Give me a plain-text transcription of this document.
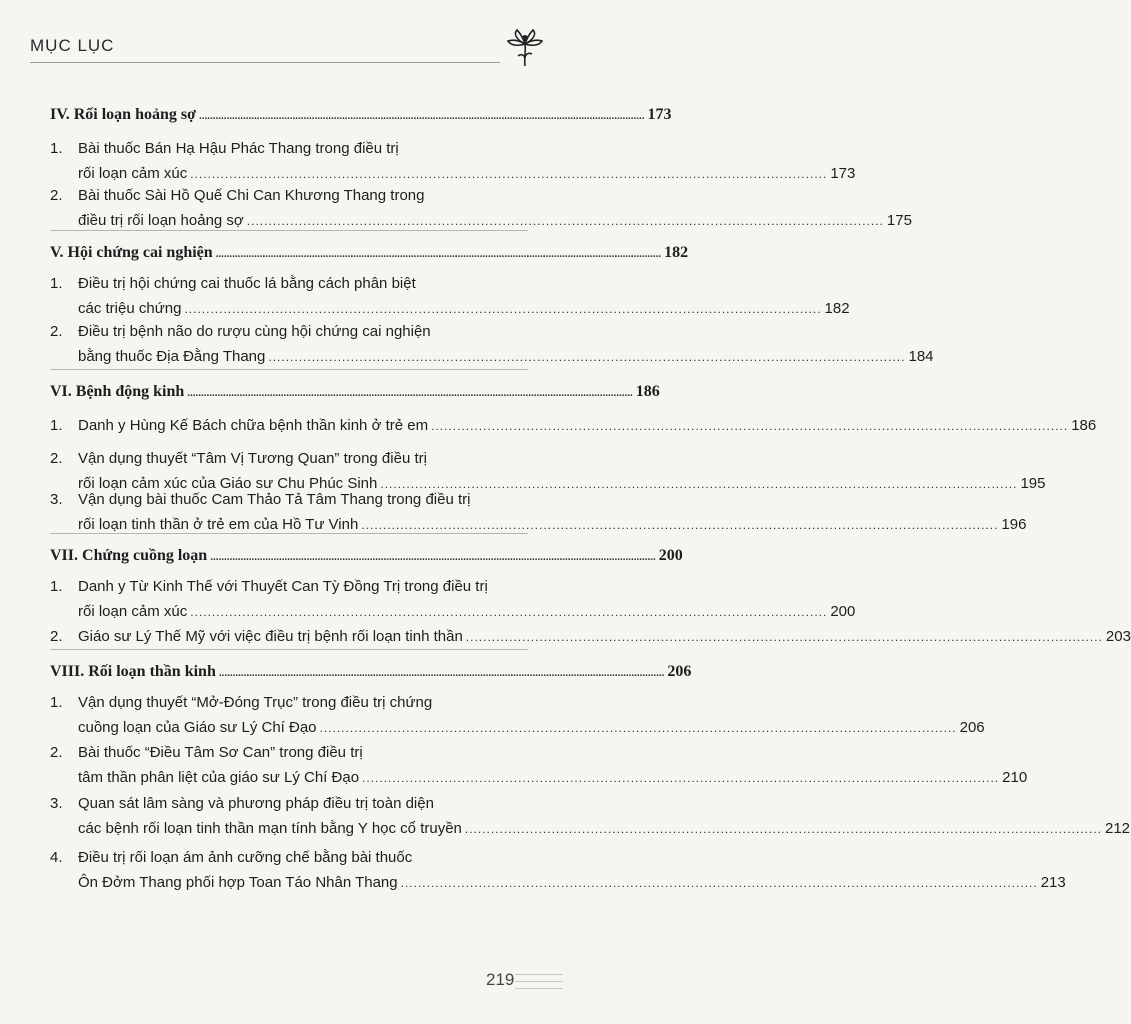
MỤC LỤC
IV. Rối loạn hoảng sợ .................................................................................................................................................................. 173
1. Bài thuốc Bán Hạ Hậu Phác Thang trong điều trị
rối loạn cảm xúc ................................................................................................................................................... 173
2. Bài thuốc Sài Hồ Quế Chi Can Khương Thang trong
điều trị rối loạn hoảng sợ ................................................................................................................................................... 175
V. Hội chứng cai nghiện .................................................................................................................................................................. 182
1. Điều trị hội chứng cai thuốc lá bằng cách phân biệt
các triệu chứng ................................................................................................................................................... 182
2. Điều trị bệnh não do rượu cùng hội chứng cai nghiện
bằng thuốc Địa Đằng Thang ................................................................................................................................................... 184
VI. Bệnh động kinh .................................................................................................................................................................. 186
1. Danh y Hùng Kế Bách chữa bệnh thần kinh ở trẻ em ................................................................................................................................................... 186
2. Vận dụng thuyết “Tâm Vị Tương Quan” trong điều trị
rối loạn cảm xúc của Giáo sư Chu Phúc Sinh ................................................................................................................................................... 195
3. Vận dụng bài thuốc Cam Thảo Tả Tâm Thang trong điều trị
rối loạn tinh thần ở trẻ em của Hồ Tư Vinh ................................................................................................................................................... 196
VII. Chứng cuồng loạn .................................................................................................................................................................. 200
1. Danh y Từ Kinh Thế với Thuyết Can Tỳ Đồng Trị trong điều trị
rối loạn cảm xúc ................................................................................................................................................... 200
2. Giáo sư Lý Thế Mỹ với việc điều trị bệnh rối loạn tinh thần ................................................................................................................................................... 203
VIII. Rối loạn thần kinh .................................................................................................................................................................. 206
1. Vận dụng thuyết “Mở-Đóng Trục” trong điều trị chứng
cuồng loạn của Giáo sư Lý Chí Đạo ................................................................................................................................................... 206
2. Bài thuốc “Điều Tâm Sơ Can” trong điều trị
tâm thần phân liệt của giáo sư Lý Chí Đạo ................................................................................................................................................... 210
3. Quan sát lâm sàng và phương pháp điều trị toàn diện
các bệnh rối loạn tinh thần mạn tính bằng Y học cổ truyền ................................................................................................................................................... 212
4. Điều trị rối loạn ám ảnh cưỡng chế bằng bài thuốc
Ôn Đởm Thang phối hợp Toan Táo Nhân Thang ................................................................................................................................................... 213
219
